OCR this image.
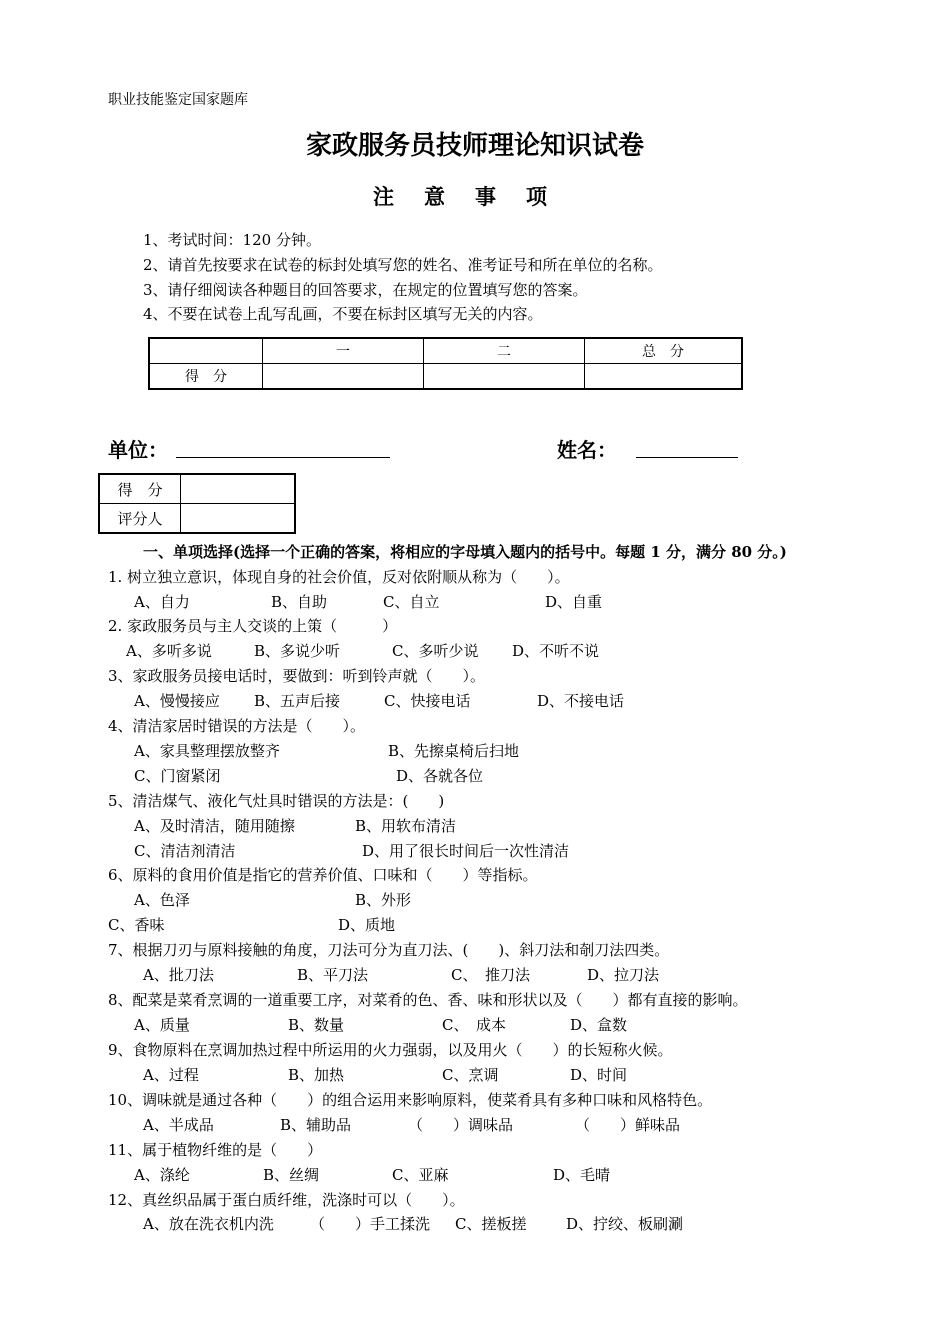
职业技能鉴定国家题库
家政服务员技师理论知识试卷
注意事项
1、考试时间：120 分钟。
2、请首先按要求在试卷的标封处填写您的姓名、准考证号和所在单位的名称。
3、请仔细阅读各种题目的回答要求，在规定的位置填写您的答案。
4、不要在试卷上乱写乱画，不要在标封区填写无关的内容。
	一	二	总　分
得　分			
单位：	姓名：
得　分	
评分人	
一、单项选择(选择一个正确的答案，将相应的字母填入题内的括号中。每题 1 分，满分 80 分。)
1. 树立独立意识，体现自身的社会价值，反对依附顺从称为（　　）。
A、自力	B、自助	C、自立	D、自重
2. 家政服务员与主人交谈的上策（　　　）
A、多听多说	B、多说少听	C、多听少说 D、不听不说
3、家政服务员接电话时，要做到：听到铃声就（　　）。
A、慢慢接应 B、五声后接	C、快接电话	D、不接电话
4、清洁家居时错误的方法是（　　）。
A、家具整理摆放整齐	B、先擦桌椅后扫地
C、门窗紧闭	D、各就各位
5、清洁煤气、液化气灶具时错误的方法是：(　　)
A、及时清洁，随用随擦	B、用软布清洁
C、清洁剂清洁	D、用了很长时间后一次性清洁
6、原料的食用价值是指它的营养价值、口味和（　　）等指标。
A、色泽	B、外形
C、香味	D、质地
7、根据刀刃与原料接触的角度，刀法可分为直刀法、(　　)、斜刀法和剞刀法四类。
A、批刀法	B、平刀法	C、　推刀法	D、拉刀法
8、配菜是菜肴烹调的一道重要工序，对菜肴的色、香、味和形状以及（　　）都有直接的影响。
A、质量	B、数量	C、　成本	D、盒数
9、食物原料在烹调加热过程中所运用的火力强弱，以及用火（　　）的长短称火候。
A、过程	B、加热	C、烹调	D、时间
10、调味就是通过各种（　　）的组合运用来影响原料，使菜肴具有多种口味和风格特色。
A、半成品	B、辅助品	（　　）调味品	（　　）鲜味品
11、属于植物纤维的是（　　）
A、涤纶	B、丝绸	C、亚麻	D、毛晴
12、真丝织品属于蛋白质纤维，洗涤时可以（　　）。
A、放在洗衣机内洗 （　　）手工揉洗 C、搓板搓	D、拧绞、板刷涮
